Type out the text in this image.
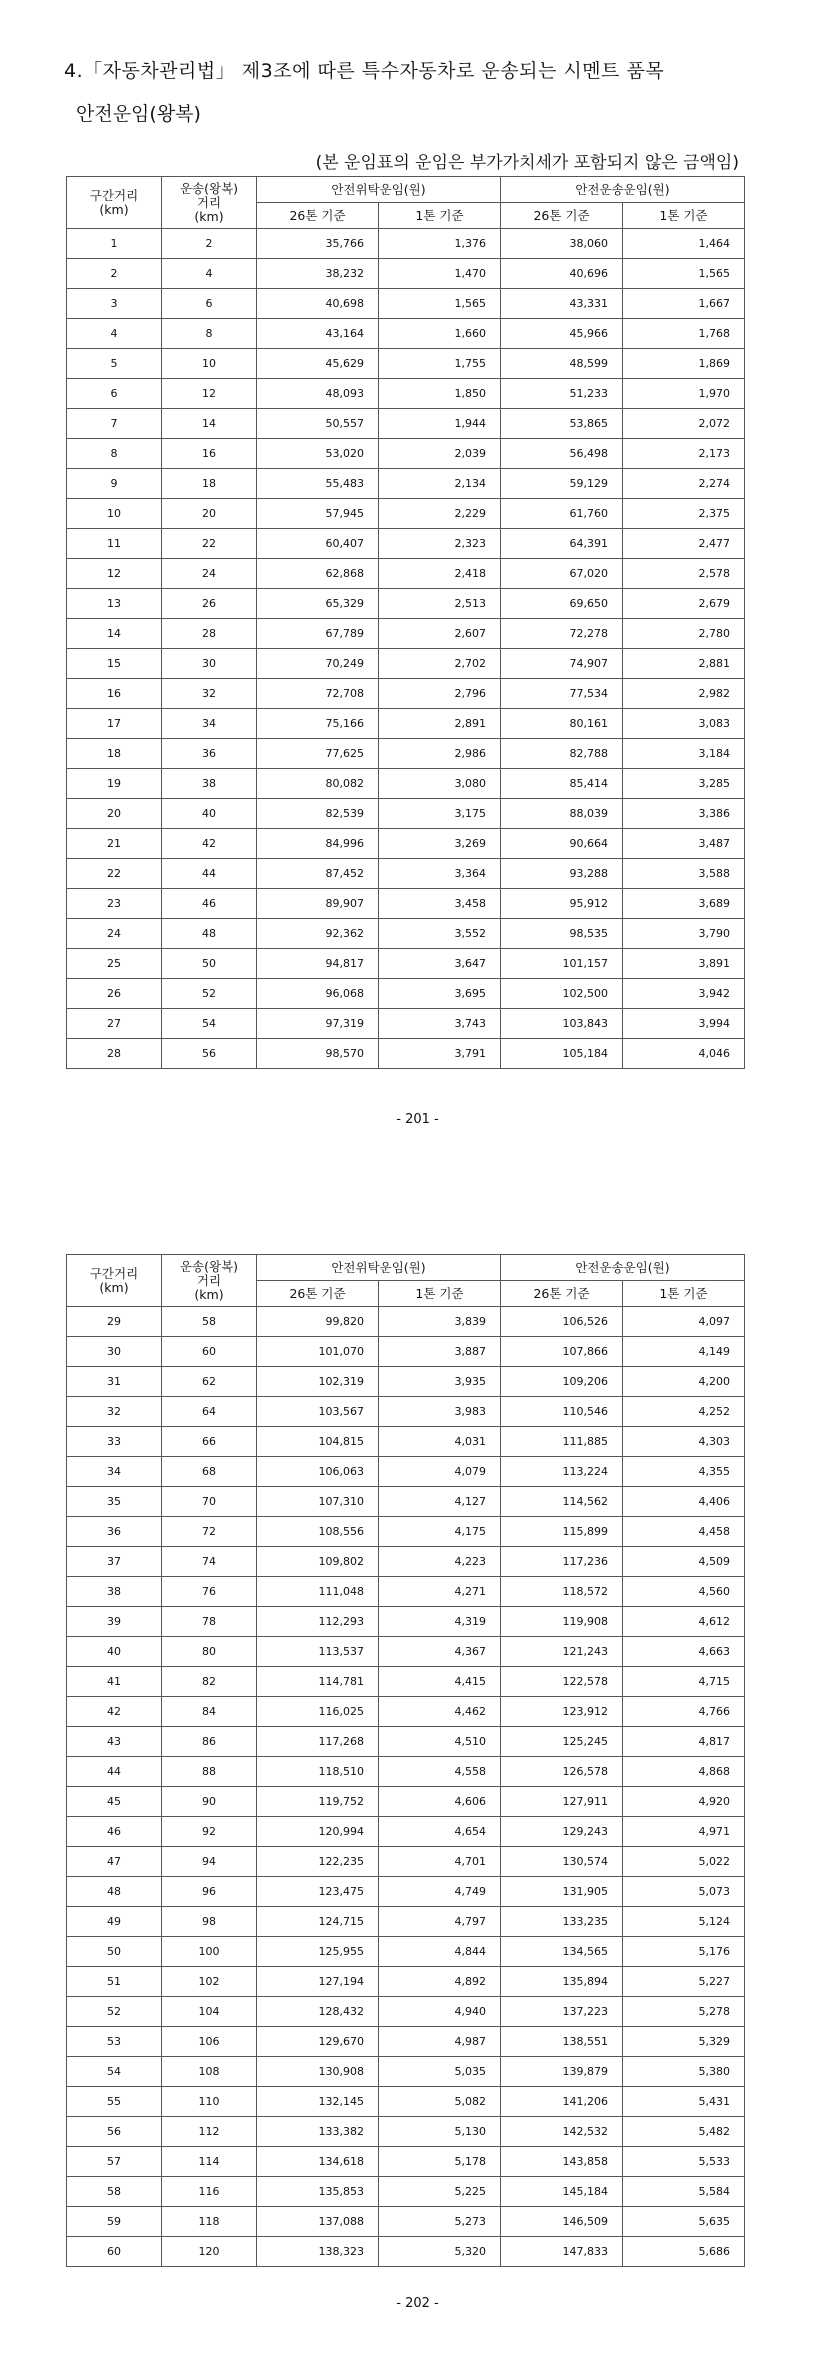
4.「자동차관리법」 제3조에 따른 특수자동차로 운송되는 시멘트 품목
안전운임(왕복)
(본 운임표의 운임은 부가가치세가 포함되지 않은 금액임)
구간거리
(km)	운송(왕복)
거리
(km)	안전위탁운임(원)		안전운송운임(원)	
		26톤 기준	1톤 기준	26톤 기준	1톤 기준
1	2	35,766	1,376	38,060	1,464
2	4	38,232	1,470	40,696	1,565
3	6	40,698	1,565	43,331	1,667
4	8	43,164	1,660	45,966	1,768
5	10	45,629	1,755	48,599	1,869
6	12	48,093	1,850	51,233	1,970
7	14	50,557	1,944	53,865	2,072
8	16	53,020	2,039	56,498	2,173
9	18	55,483	2,134	59,129	2,274
10	20	57,945	2,229	61,760	2,375
11	22	60,407	2,323	64,391	2,477
12	24	62,868	2,418	67,020	2,578
13	26	65,329	2,513	69,650	2,679
14	28	67,789	2,607	72,278	2,780
15	30	70,249	2,702	74,907	2,881
16	32	72,708	2,796	77,534	2,982
17	34	75,166	2,891	80,161	3,083
18	36	77,625	2,986	82,788	3,184
19	38	80,082	3,080	85,414	3,285
20	40	82,539	3,175	88,039	3,386
21	42	84,996	3,269	90,664	3,487
22	44	87,452	3,364	93,288	3,588
23	46	89,907	3,458	95,912	3,689
24	48	92,362	3,552	98,535	3,790
25	50	94,817	3,647	101,157	3,891
26	52	96,068	3,695	102,500	3,942
27	54	97,319	3,743	103,843	3,994
28	56	98,570	3,791	105,184	4,046
- 201 -
구간거리
(km)	운송(왕복)
거리
(km)	안전위탁운임(원)		안전운송운임(원)	
		26톤 기준	1톤 기준	26톤 기준	1톤 기준
29	58	99,820	3,839	106,526	4,097
30	60	101,070	3,887	107,866	4,149
31	62	102,319	3,935	109,206	4,200
32	64	103,567	3,983	110,546	4,252
33	66	104,815	4,031	111,885	4,303
34	68	106,063	4,079	113,224	4,355
35	70	107,310	4,127	114,562	4,406
36	72	108,556	4,175	115,899	4,458
37	74	109,802	4,223	117,236	4,509
38	76	111,048	4,271	118,572	4,560
39	78	112,293	4,319	119,908	4,612
40	80	113,537	4,367	121,243	4,663
41	82	114,781	4,415	122,578	4,715
42	84	116,025	4,462	123,912	4,766
43	86	117,268	4,510	125,245	4,817
44	88	118,510	4,558	126,578	4,868
45	90	119,752	4,606	127,911	4,920
46	92	120,994	4,654	129,243	4,971
47	94	122,235	4,701	130,574	5,022
48	96	123,475	4,749	131,905	5,073
49	98	124,715	4,797	133,235	5,124
50	100	125,955	4,844	134,565	5,176
51	102	127,194	4,892	135,894	5,227
52	104	128,432	4,940	137,223	5,278
53	106	129,670	4,987	138,551	5,329
54	108	130,908	5,035	139,879	5,380
55	110	132,145	5,082	141,206	5,431
56	112	133,382	5,130	142,532	5,482
57	114	134,618	5,178	143,858	5,533
58	116	135,853	5,225	145,184	5,584
59	118	137,088	5,273	146,509	5,635
60	120	138,323	5,320	147,833	5,686
- 202 -
